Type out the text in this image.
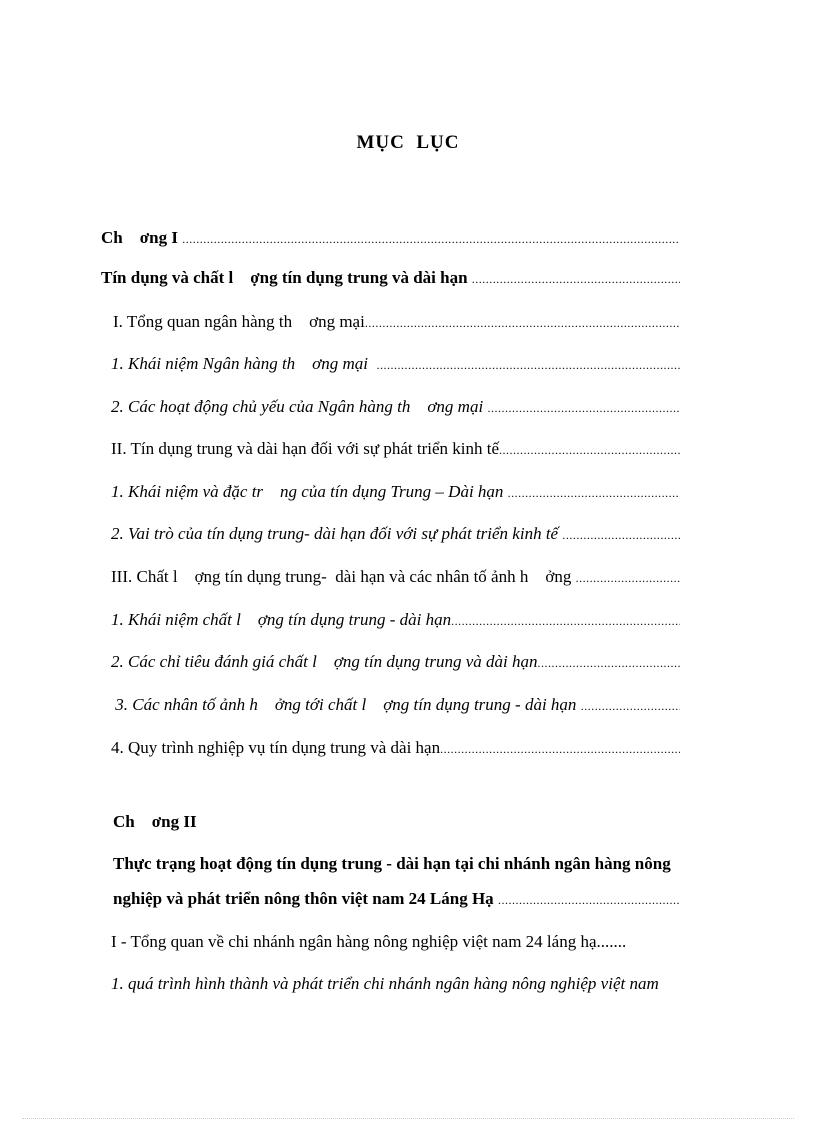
MỤC  LỤC
Ch    ơng I
.....
Tín dụng và chất l    ợng tín dụng trung và dài hạn
.....
I. Tổng quan ngân hàng th    ơng mại
.....
1. Khái niệm Ngân hàng th    ơng mại
.....
2. Các hoạt động chủ yếu của Ngân hàng th    ơng mại
.....
II. Tín dụng trung và dài hạn đối với sự phát triển kinh tế
.....
1. Khái niệm và đặc tr    ng của tín dụng Trung – Dài hạn
.....
2. Vai trò của tín dụng trung- dài hạn đối với sự phát triển kinh tế
.....
III. Chất l    ợng tín dụng trung-  dài hạn và các nhân tố ảnh h    ởng
.....
1. Khái niệm chất l    ợng tín dụng trung - dài hạn
.....
2. Các chỉ tiêu đánh giá chất l    ợng tín dụng trung và dài hạn
.....
3. Các nhân tố ảnh h    ởng tới chất l    ợng tín dụng trung - dài hạn
.....
4. Quy trình nghiệp vụ tín dụng trung và dài hạn
.....
Ch    ơng II
Thực trạng hoạt động tín dụng trung - dài hạn tại chi nhánh ngân hàng nông
nghiệp và phát triển nông thôn việt nam 24 Láng Hạ
.....
I - Tổng quan về chi nhánh ngân hàng nông nghiệp việt nam 24 láng hạ.......
1. quá trình hình thành và phát triển chi nhánh ngân hàng nông nghiệp việt nam
